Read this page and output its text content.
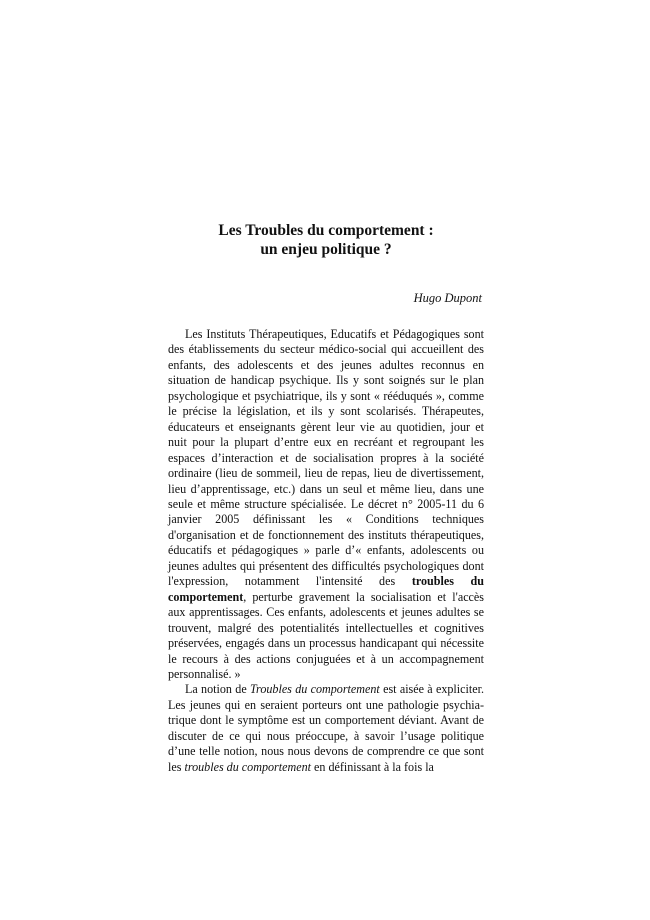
Les Troubles du comportement :
un enjeu politique ?
Hugo Dupont

Les Instituts Thérapeutiques, Educatifs et Pédagogiques sont des établissements du secteur médico-social qui accueillent des enfants, des adolescents et des jeunes adultes reconnus en situation de handicap psychique. Ils y sont soignés sur le plan psychologique et psychiatrique, ils y sont « rééduqués », comme le précise la législation, et ils y sont scolarisés. Thérapeutes, éducateurs et enseignants gèrent leur vie au quotidien, jour et nuit pour la plupart d’entre eux en recréant et regroupant les espaces d’interaction et de socialisation propres à la société ordinaire (lieu de sommeil, lieu de repas, lieu de divertissement, lieu d’apprentissage, etc.) dans un seul et même lieu, dans une seule et même structure spécialisée. Le décret n° 2005-11 du 6 janvier 2005 définissant les « Conditions techniques d'organisation et de fonctionnement des instituts thérapeutiques, éducatifs et pédagogiques » parle d’« enfants, adolescents ou jeunes adultes qui présentent des difficultés psychologiques dont l'expression, notamment l'intensité des troubles du comportement, perturbe gravement la socialisation et l'accès aux apprentissages. Ces enfants, adolescents et jeunes adultes se trouvent, malgré des potentialités intellectuelles et cognitives préservées, engagés dans un processus handicapant qui nécessite le recours à des actions conjuguées et à un accompagnement personnalisé. »

La notion de Troubles du comportement est aisée à expliciter. Les jeunes qui en seraient porteurs ont une pathologie psychia-trique dont le symptôme est un comportement déviant. Avant de discuter de ce qui nous préoccupe, à savoir l’usage politique d’une telle notion, nous nous devons de comprendre ce que sont les troubles du comportement en définissant à la fois la
